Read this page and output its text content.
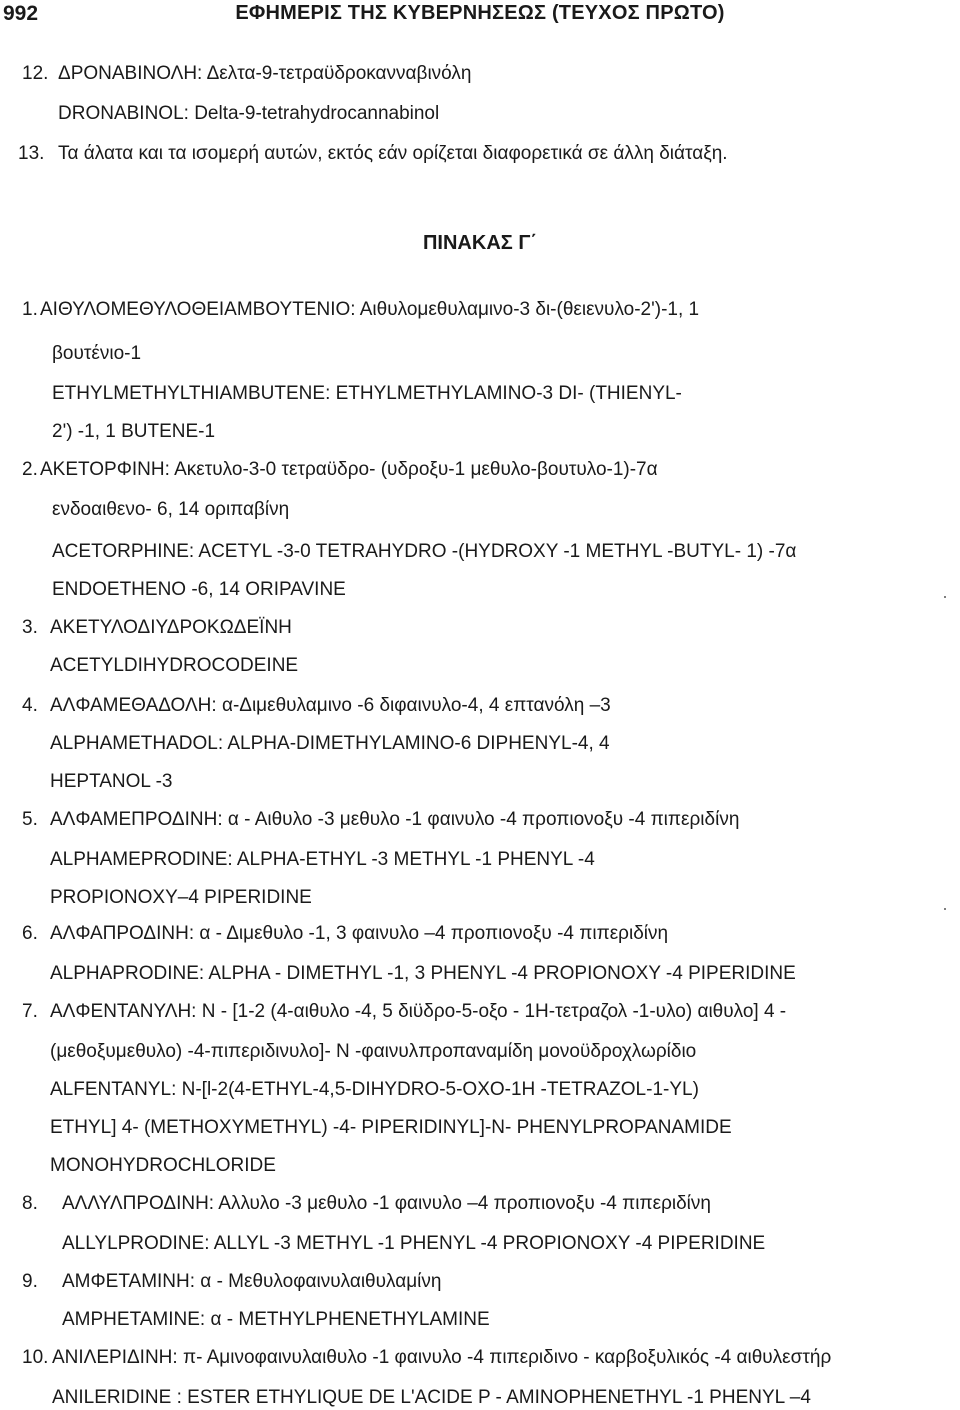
992	ΕΦΗΜΕΡΙΣ ΤΗΣ ΚΥΒΕΡΝΗΣΕΩΣ (ΤΕΥΧΟΣ ΠΡΩΤΟ)
12. ΔΡΟΝΑΒΙΝΟΛΗ: Δελτα-9-τετραϋδροκανναβινόλη
DRONABINOL: Delta-9-tetrahydrocannabinol
13. Τα άλατα και τα ισομερή αυτών, εκτός εάν ορίζεται διαφορετικά σε άλλη διάταξη.
ΠΙΝΑΚΑΣ Γ΄
1. ΑΙΘΥΛΟΜΕΘΥΛΟΘΕΙΑΜΒΟΥΤΕΝΙΟ: Αιθυλομεθυλαμινο-3 δι-(θειενυλο-2')-1, 1
βουτένιο-1
ETHYLMETHYLTHIAMBUTENE: ETHYLMETHYLAMINO-3 DI- (THIENYL-
2') -1, 1 BUTENE-1
2. ΑΚΕΤΟΡΦΙΝΗ: Ακετυλο-3-0 τετραϋδρο- (υδροξυ-1 μεθυλο-βουτυλο-1)-7α
ενδοαιθενο- 6, 14 οριπαβίνη
ACETORPHINE: ACETYL -3-0 TETRAHYDRO -(HYDROXY -1 METHYL -BUTYL- 1) -7α
ENDOETHENO -6, 14 ORIPAVINE
3. ΑΚΕΤΥΛΟΔΙΥΔΡΟΚΩΔΕΪΝΗ
ACETYLDIHYDROCODEINE
4. ΑΛΦΑΜΕΘΑΔΟΛΗ: α-Διμεθυλαμινο -6 διφαινυλο-4, 4 επτανόλη –3
ALPHAMETHADOL: ALPHA-DIMETHYLAMINO-6 DIPHENYL-4, 4
HEPTANOL -3
5. ΑΛΦΑΜΕΠΡΟΔΙΝΗ: α - Αιθυλο -3 μεθυλο -1 φαινυλο -4 προπιονοξυ -4 πιπεριδίνη
ALPHAMEPRODINE: ALPHA-ETHYL -3 METHYL -1 PHENYL -4
PROPIONOXY–4 PIPERIDINE
6. ΑΛΦΑΠΡΟΔΙΝΗ: α - Διμεθυλο -1, 3 φαινυλο –4 προπιονοξυ -4 πιπεριδίνη
ALPHAPRODINE: ALPHA - DIMETHYL -1, 3 PHENYL -4 PROPIONOXY -4 PIPERIDINE
7. ΑΛΦΕΝΤΑΝΥΛΗ: N - [1-2 (4-αιθυλο -4, 5 διϋδρο-5-οξο - 1Η-τετραζολ -1-υλο) αιθυλο] 4 -
(μεθοξυμεθυλο) -4-πιπεριδινυλο]- N -φαινυλπροπαναμίδη μονοϋδροχλωρίδιο
ALFENTANYL: N-[l-2(4-ETHYL-4,5-DIHYDRO-5-OXO-1H -TETRAZOL-1-YL)
ETHYL] 4- (METHOXYMETHYL) -4- PIPERIDINYL]-N- PHENYLPROPANAMIDE
MONOHYDROCHLORIDE
8. ΑΛΛΥΛΠΡΟΔΙΝΗ: Αλλυλο -3 μεθυλο -1 φαινυλο –4 προπιονοξυ -4 πιπεριδίνη
ALLYLPRODINE: ALLYL -3 METHYL -1 PHENYL -4 PROPIONOXY -4 PIPERIDINE
9. ΑΜΦΕΤΑΜΙΝΗ: α - Μεθυλοφαινυλαιθυλαμίνη
AMPHETAMINE: α - METHYLPHENETHYLAMINE
10. ΑΝΙΛΕΡΙΔΙΝΗ: π- Αμινοφαινυλαιθυλο -1 φαινυλο -4 πιπεριδινο - καρβοξυλικός -4 αιθυλεστήρ
ANILERIDINE : ESTER ETHYLIQUE DE L'ACIDE P - AMINOPHENETHYL -1 PHENYL –4
